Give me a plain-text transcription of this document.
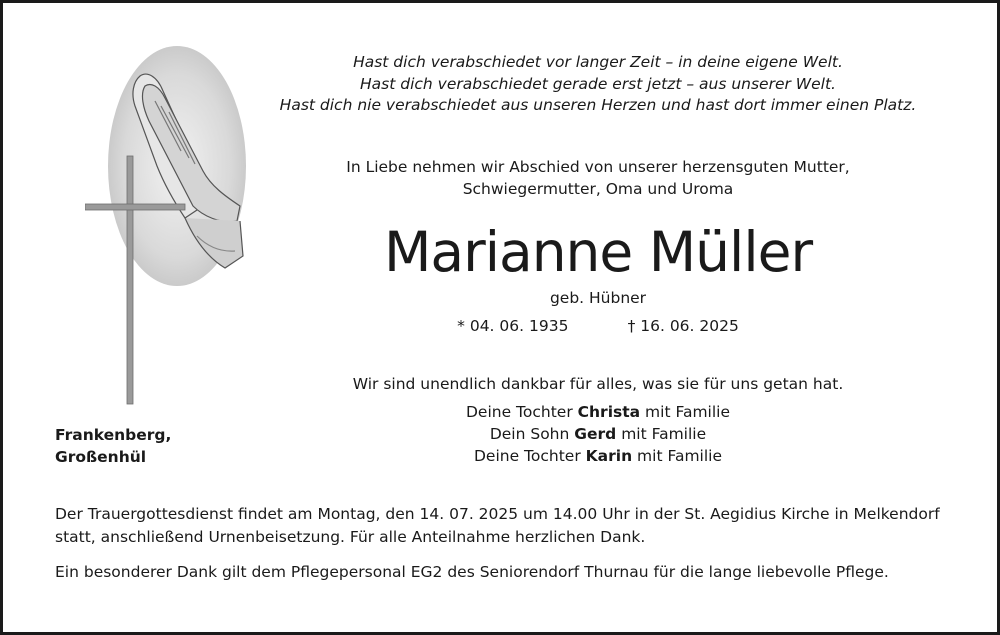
Hast dich verabschiedet vor langer Zeit – in deine eigene Welt.
Hast dich verabschiedet gerade erst jetzt – aus unserer Welt.
Hast dich nie verabschiedet aus unseren Herzen und hast dort immer einen Platz.
In Liebe nehmen wir Abschied von unserer herzensguten Mutter,
Schwiegermutter, Oma und Uroma
Marianne Müller
geb. Hübner
* 04. 06. 1935	† 16. 06. 2025
Wir sind unendlich dankbar für alles, was sie für uns getan hat.
Deine Tochter Christa mit Familie
Dein Sohn Gerd mit Familie
Deine Tochter Karin mit Familie
Frankenberg,
Großenhül
Der Trauergottesdienst findet am Montag, den 14. 07. 2025 um 14.00 Uhr in der St. Aegidius Kirche in Melkendorf
statt, anschließend Urnenbeisetzung. Für alle Anteilnahme herzlichen Dank.
Ein besonderer Dank gilt dem Pflegepersonal EG2 des Seniorendorf Thurnau für die lange liebevolle Pflege.
